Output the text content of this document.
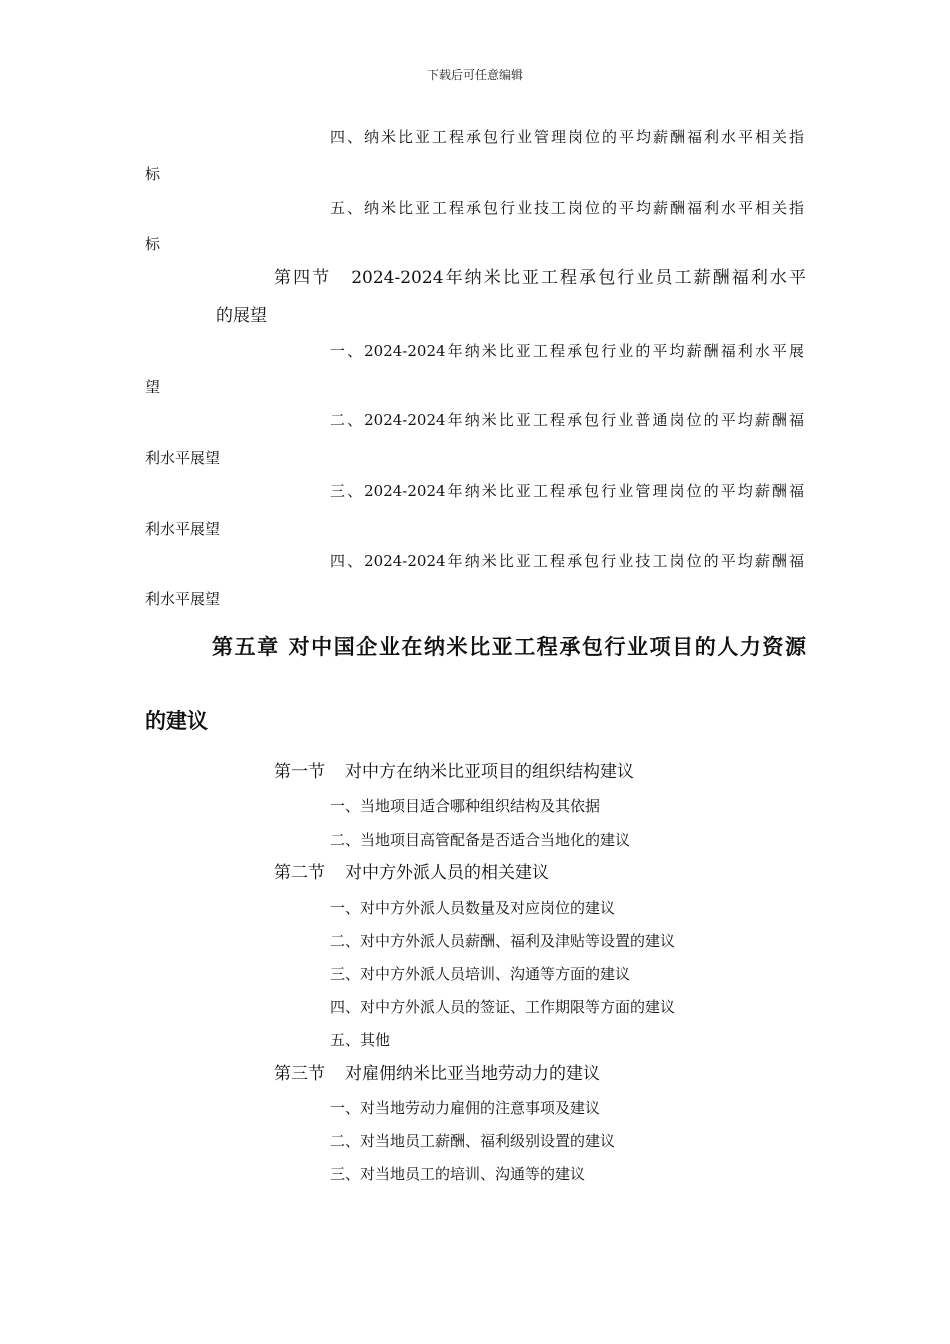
下载后可任意编辑
四、纳米比亚工程承包行业管理岗位的平均薪酬福利水平相关指
标
五、纳米比亚工程承包行业技工岗位的平均薪酬福利水平相关指
标
第四节 2024-2024年纳米比亚工程承包行业员工薪酬福利水平
的展望
一、2024-2024年纳米比亚工程承包行业的平均薪酬福利水平展
望
二、2024-2024年纳米比亚工程承包行业普通岗位的平均薪酬福
利水平展望
三、2024-2024年纳米比亚工程承包行业管理岗位的平均薪酬福
利水平展望
四、2024-2024年纳米比亚工程承包行业技工岗位的平均薪酬福
利水平展望
第五章 对中国企业在纳米比亚工程承包行业项目的人力资源
的建议
第一节 对中方在纳米比亚项目的组织结构建议
一、当地项目适合哪种组织结构及其依据
二、当地项目高管配备是否适合当地化的建议
第二节 对中方外派人员的相关建议
一、对中方外派人员数量及对应岗位的建议
二、对中方外派人员薪酬、福利及津贴等设置的建议
三、对中方外派人员培训、沟通等方面的建议
四、对中方外派人员的签证、工作期限等方面的建议
五、其他
第三节 对雇佣纳米比亚当地劳动力的建议
一、对当地劳动力雇佣的注意事项及建议
二、对当地员工薪酬、福利级别设置的建议
三、对当地员工的培训、沟通等的建议
